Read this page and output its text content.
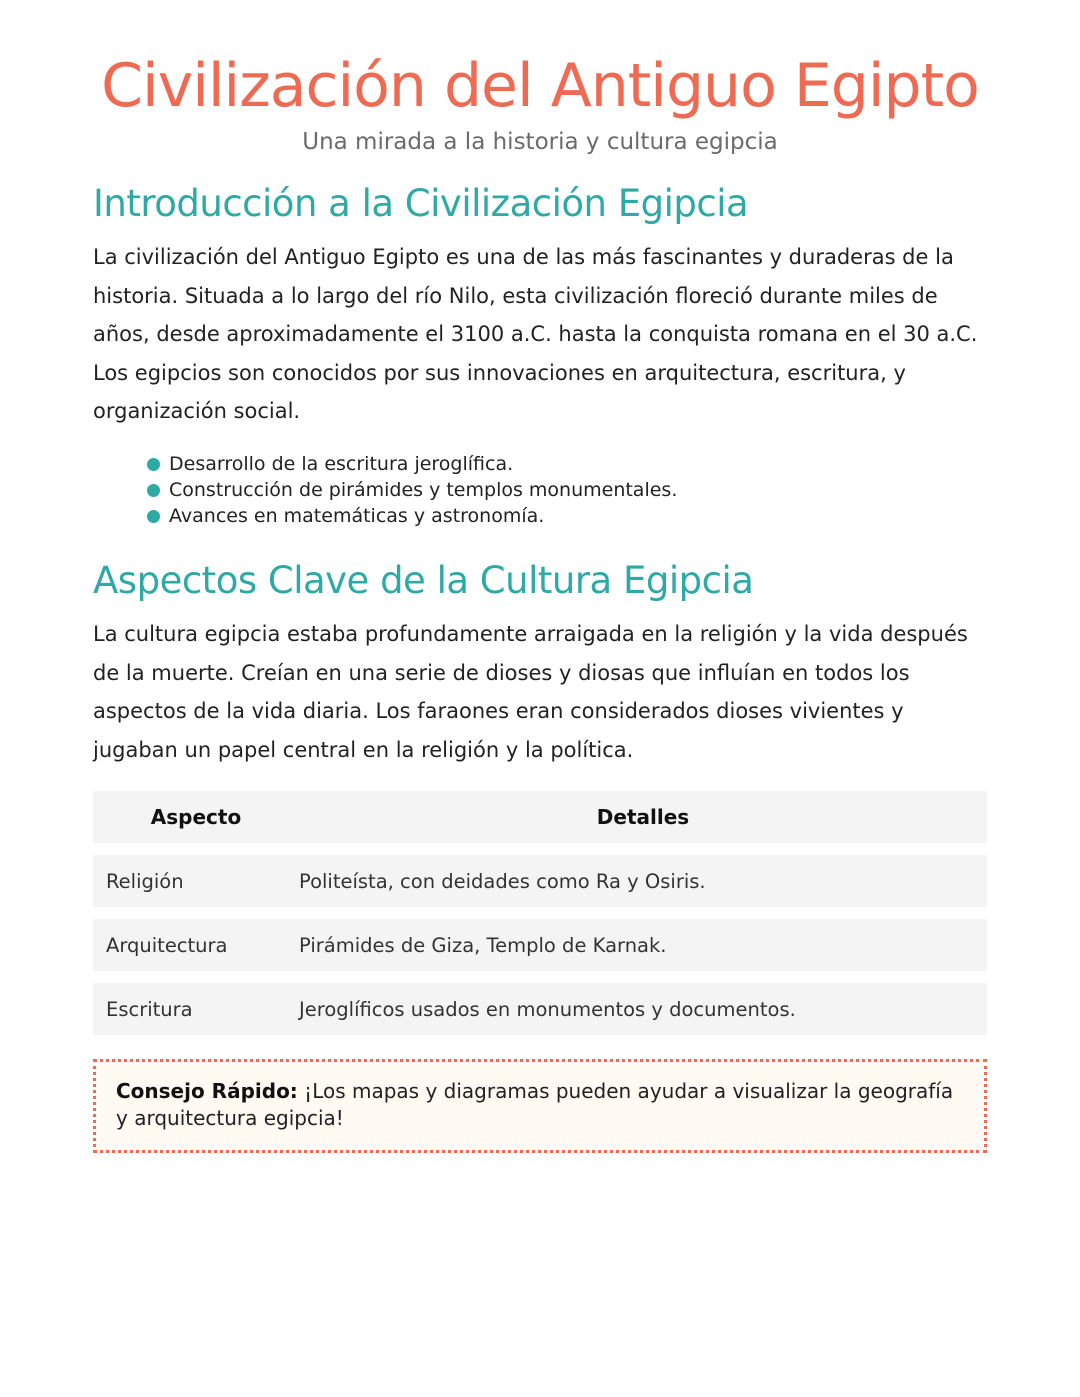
Civilización del Antiguo Egipto

Una mirada a la historia y cultura egipcia

Introducción a la Civilización Egipcia

La civilización del Antiguo Egipto es una de las más fascinantes y duraderas de la historia. Situada a lo largo del río Nilo, esta civilización floreció durante miles de años, desde aproximadamente el 3100 a.C. hasta la conquista romana en el 30 a.C. Los egipcios son conocidos por sus innovaciones en arquitectura, escritura, y organización social.

Desarrollo de la escritura jeroglífica.
Construcción de pirámides y templos monumentales.
Avances en matemáticas y astronomía.
Aspectos Clave de la Cultura Egipcia

La cultura egipcia estaba profundamente arraigada en la religión y la vida después de la muerte. Creían en una serie de dioses y diosas que influían en todos los aspectos de la vida diaria. Los faraones eran considerados dioses vivientes y jugaban un papel central en la religión y la política.

Aspecto	Detalles
Religión	Politeísta, con deidades como Ra y Osiris.
Arquitectura	Pirámides de Giza, Templo de Karnak.
Escritura	Jeroglíficos usados en monumentos y documentos.
Consejo Rápido: ¡Los mapas y diagramas pueden ayudar a visualizar la geografía y arquitectura egipcia!
